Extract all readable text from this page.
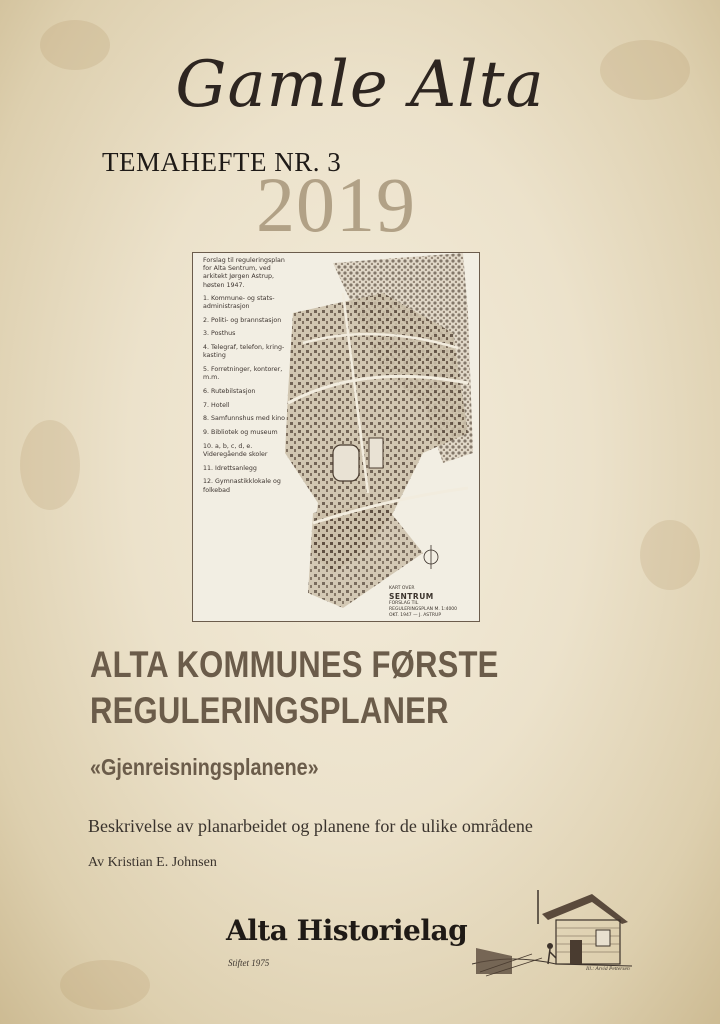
Gamle Alta
2019
TEMAHEFTE NR. 3
Forslag til reguleringsplan for Alta Sentrum, ved arkitekt Jørgen Astrup, høsten 1947.
1. Kommune- og stats-administrasjon
2. Politi- og brannstasjon
3. Posthus
4. Telegraf, telefon, kring-kasting
5. Forretninger, kontorer, m.m.
6. Rutebilstasjon
7. Hotell
8. Samfunnshus med kino
9. Bibliotek og museum
10. a, b, c, d, e. Videregående skoler
11. Idrettsanlegg
12. Gymnastikklokale og folkebad
KART OVER
SENTRUM
FORSLAG TIL REGULERINGSPLAN M. 1:4000
OKT. 1947 — J. ASTRUP
ALTA KOMMUNES FØRSTE
REGULERINGSPLANER
«Gjenreisningsplanene»
Beskrivelse av planarbeidet og planene for de ulike områdene
Av Kristian E. Johnsen
Alta Historielag
Stiftet 1975
Ill.: Arvid Pettersen
